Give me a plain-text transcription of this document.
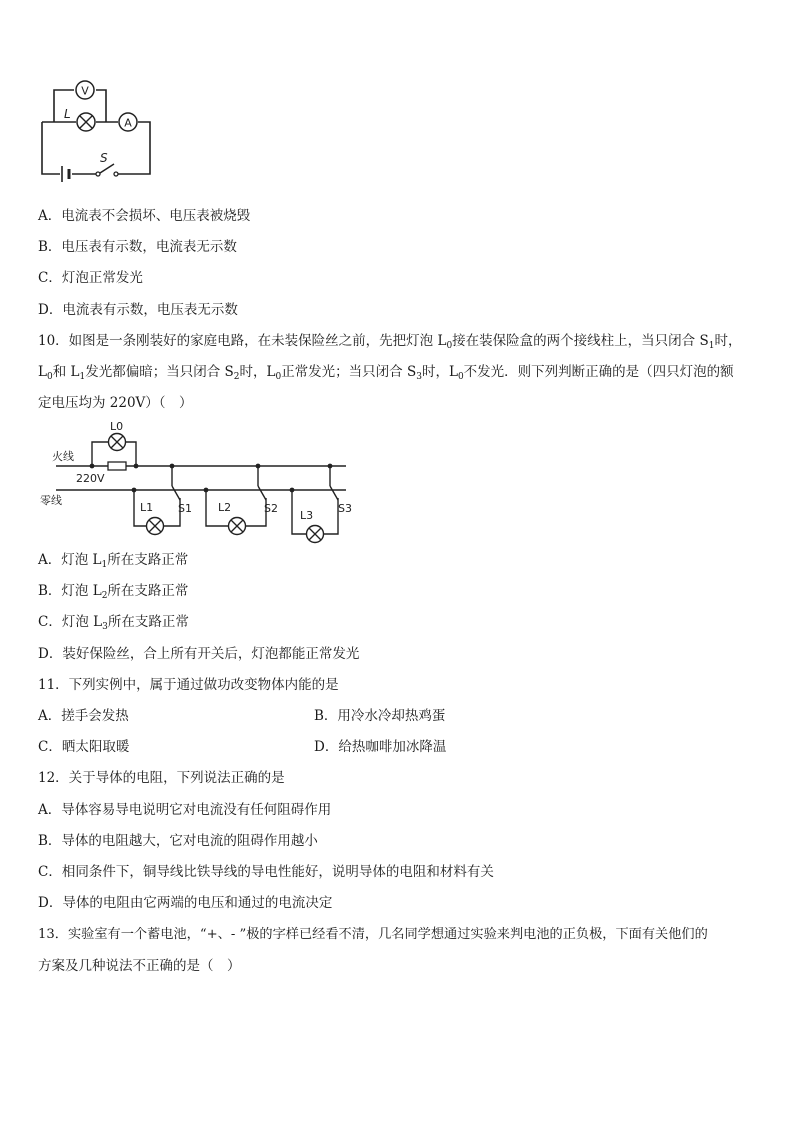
V
L
A
S
A．电流表不会损坏、电压表被烧毁
B．电压表有示数，电流表无示数
C．灯泡正常发光
D．电流表有示数，电压表无示数
10．如图是一条刚装好的家庭电路，在未装保险丝之前，先把灯泡 $L_0$接在装保险盒的两个接线柱上，当只闭合 $S_1$时，
$L_0$和 $L_1$发光都偏暗；当只闭合 $S_2$时，$L_0$正常发光；当只闭合 $S_3$时，$L_0$不发光．则下列判断正确的是（四只灯泡的额
定电压均为 220V）（　）
火线
零线
L0
220V
L1 S1 L2	S2
L3
S3
A．灯泡 $L_1$所在支路正常
B．灯泡 $L_2$所在支路正常
C．灯泡 $L_3$所在支路正常
D．装好保险丝，合上所有开关后，灯泡都能正常发光
11．下列实例中，属于通过做功改变物体内能的是
A．搓手会发热	B．用冷水冷却热鸡蛋
C．晒太阳取暖	D．给热咖啡加冰降温
12．关于导体的电阻，下列说法正确的是
A．导体容易导电说明它对电流没有任何阻碍作用
B．导体的电阻越大，它对电流的阻碍作用越小
C．相同条件下，铜导线比铁导线的导电性能好，说明导体的电阻和材料有关
D．导体的电阻由它两端的电压和通过的电流决定
13．实验室有一个蓄电池，“+、- ”极的字样已经看不清，几名同学想通过实验来判电池的正负极，下面有关他们的
方案及几种说法不正确的是（　）
